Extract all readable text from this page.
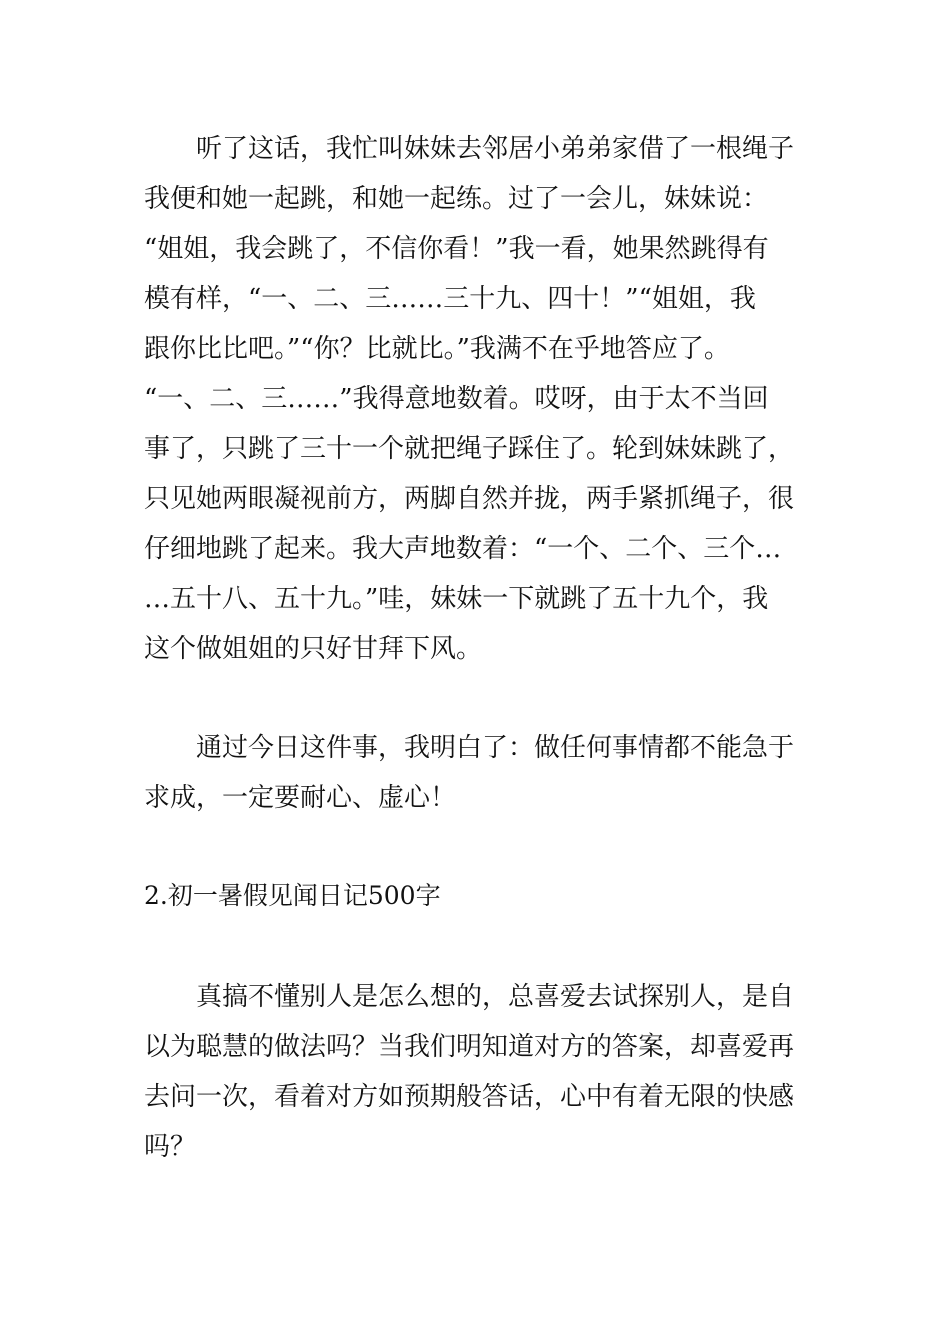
听了这话，我忙叫妹妹去邻居小弟弟家借了一根绳子
我便和她一起跳，和她一起练。过了一会儿，妹妹说：
“姐姐，我会跳了，不信你看！”我一看，她果然跳得有
模有样，“一、二、三……三十九、四十！”“姐姐，我
跟你比比吧。”“你？比就比。”我满不在乎地答应了。
“一、二、三……”我得意地数着。哎呀，由于太不当回
事了，只跳了三十一个就把绳子踩住了。轮到妹妹跳了，
只见她两眼凝视前方，两脚自然并拢，两手紧抓绳子，很
仔细地跳了起来。我大声地数着：“一个、二个、三个…
…五十八、五十九。”哇，妹妹一下就跳了五十九个，我
这个做姐姐的只好甘拜下风。
通过今日这件事，我明白了：做任何事情都不能急于
求成，一定要耐心、虚心！
2.初一暑假见闻日记500字
真搞不懂别人是怎么想的，总喜爱去试探别人，是自
以为聪慧的做法吗？当我们明知道对方的答案，却喜爱再
去问一次，看着对方如预期般答话，心中有着无限的快感
吗？
